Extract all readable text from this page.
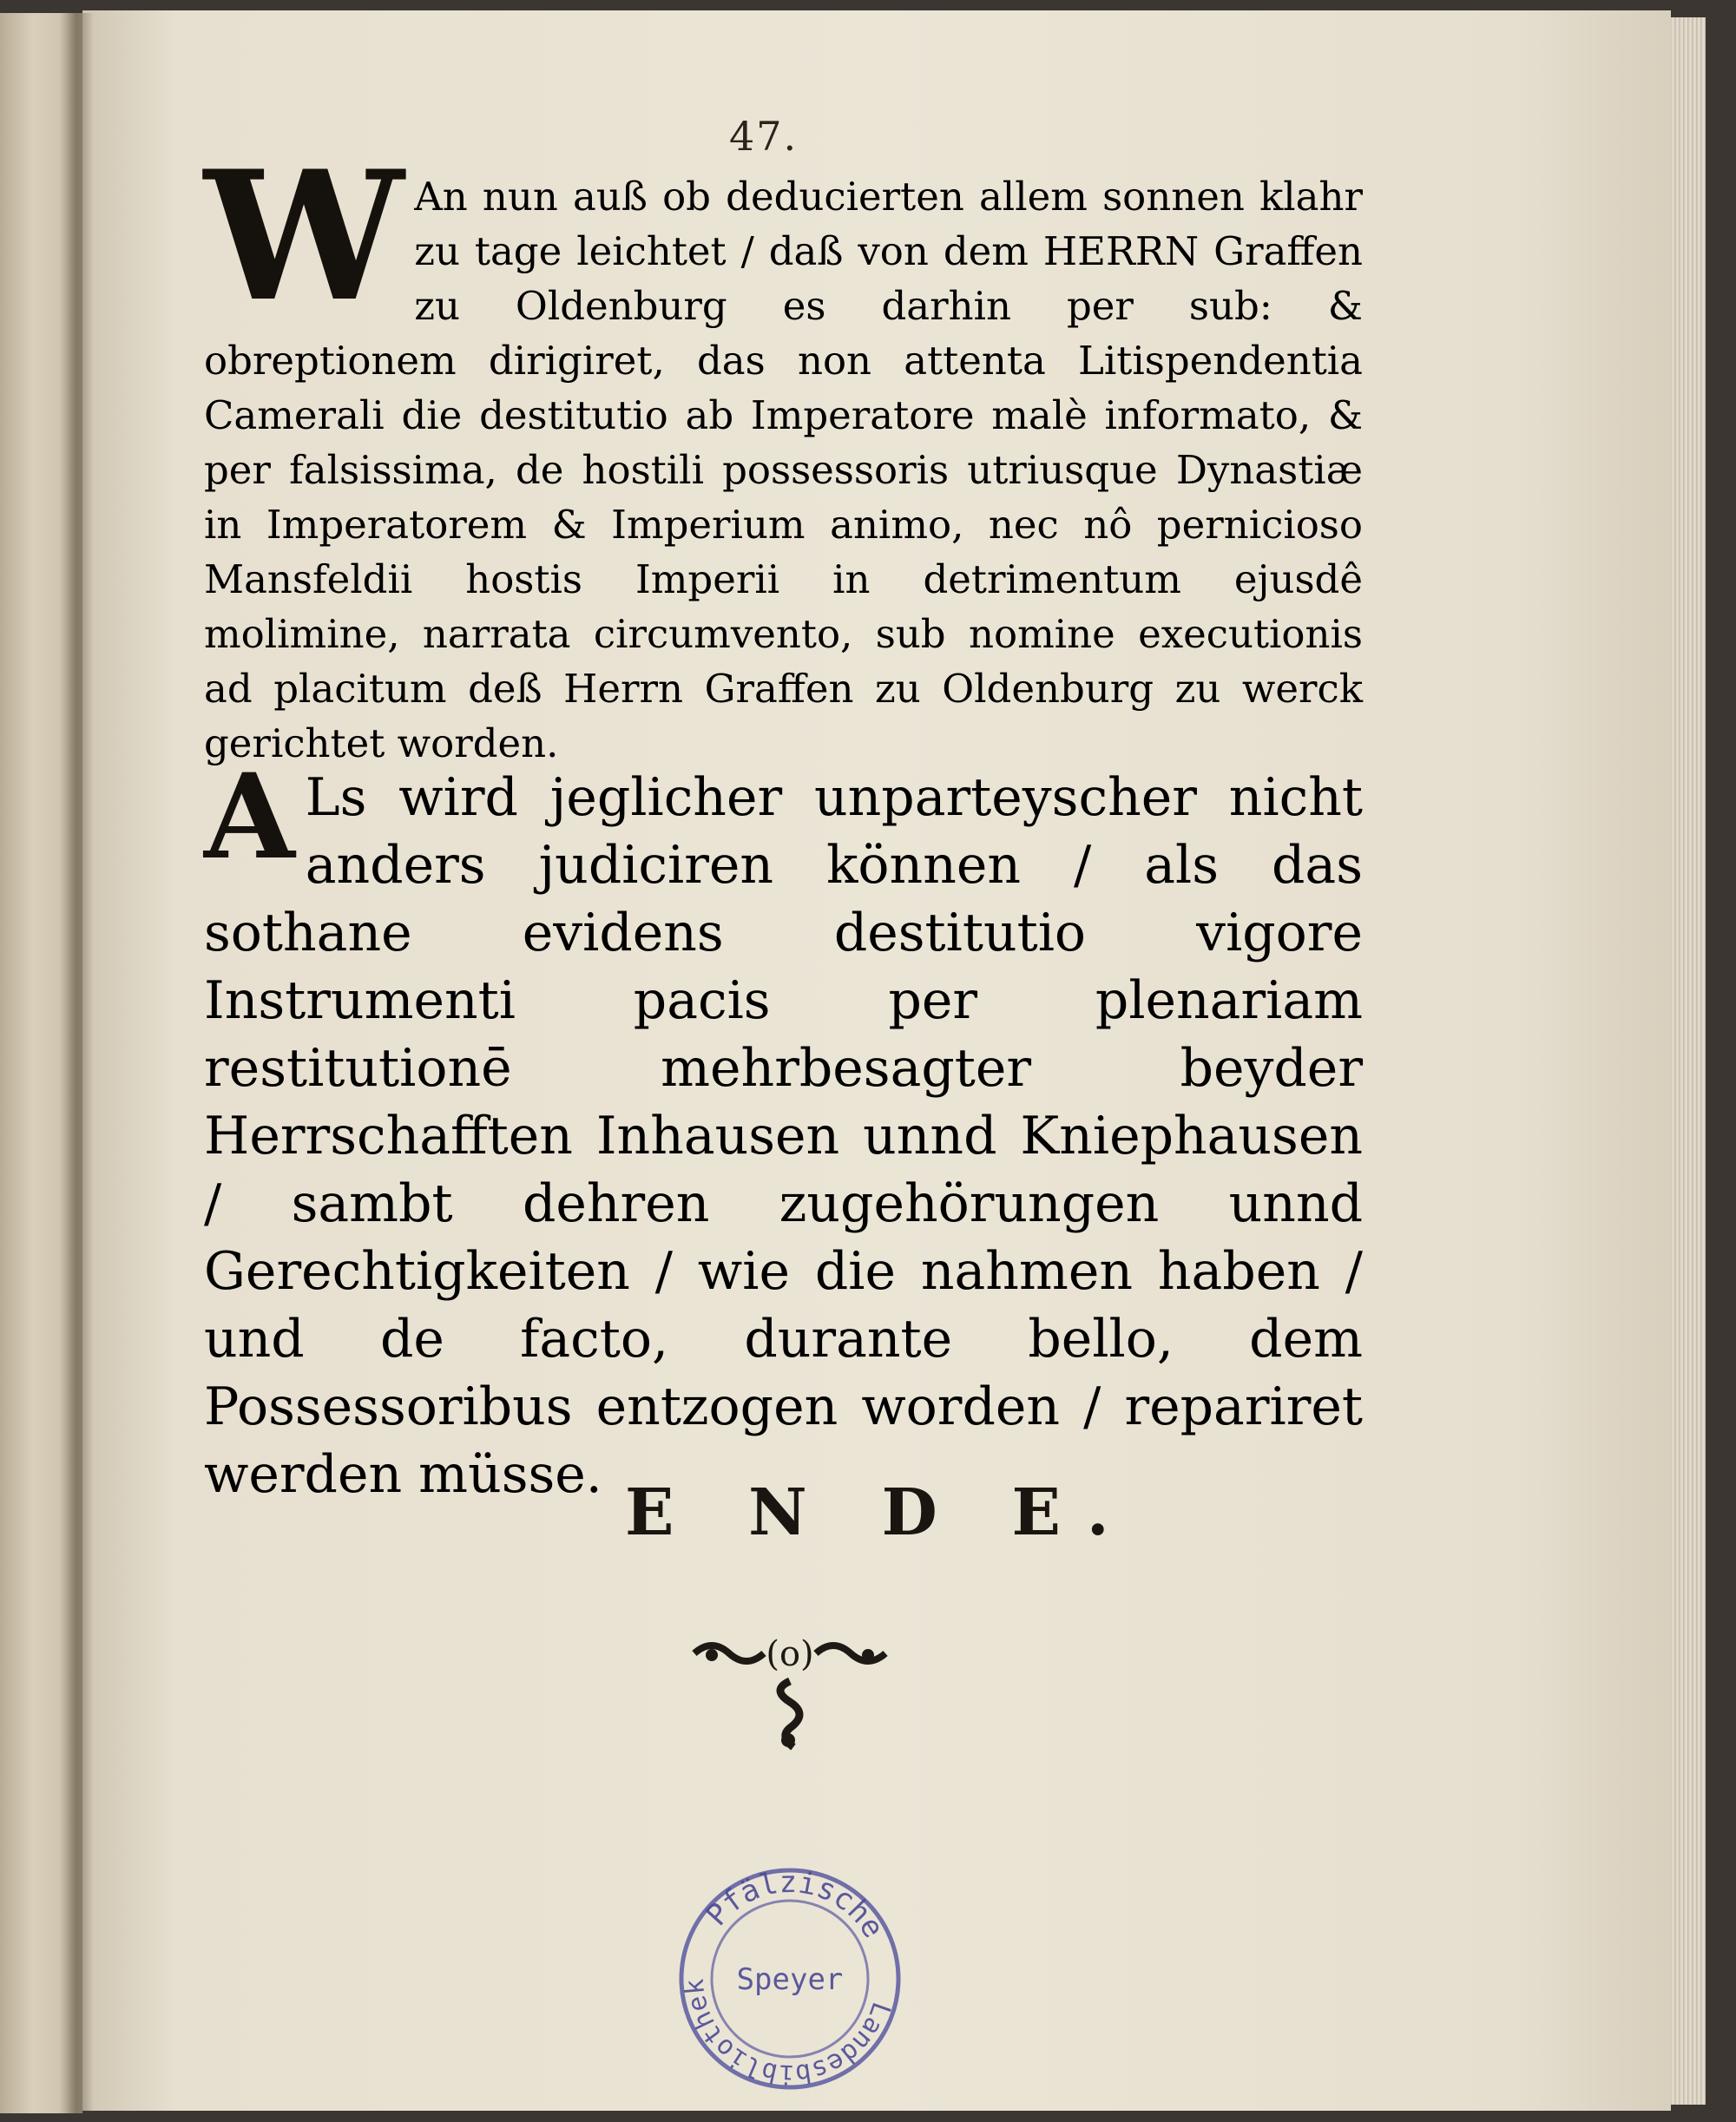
47.

W An nun auß ob deducierten allem sonnen klahr zu tage leichtet / daß von dem HERRN Graffen zu Oldenburg es darhin per sub: & obreptionem dirigiret, das non attenta Litispendentia Camerali die destitutio ab Imperatore malè informato, & per falsissima, de hostili possessoris utriusque Dynastiæ in Imperatorem & Imperium animo, nec nô pernicioso Mansfeldii hostis Imperii in detrimentum ejusdê molimine, narrata circumvento, sub nomine executionis ad placitum deß Herrn Graffen zu Oldenburg zu werck gerichtet worden.

A Ls wird jeglicher unparteyscher nicht anders judiciren können / als das sothane evidens destitutio vigore Instrumenti pacis per plenariam restitutionē mehrbesagter beyder Herrschafften Inhausen unnd Kniephausen / sambt dehren zugehörungen unnd Gerechtigkeiten / wie die nahmen haben / und de facto, durante bello, dem Possessoribus entzogen worden / repariret werden müsse.

E N D E.
(o)
Pfälzische
Speyer
Landesbibliothek
